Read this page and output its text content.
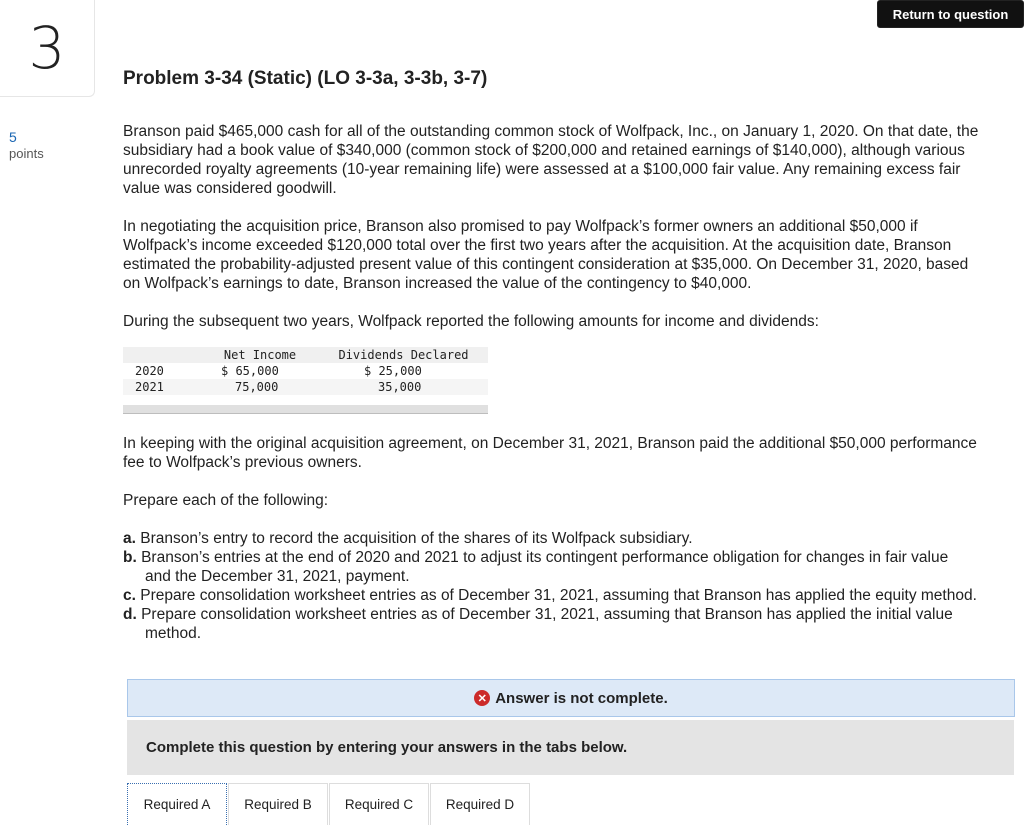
3
5
points
Return to question
Problem 3-34 (Static) (LO 3-3a, 3-3b, 3-7)

Branson paid $465,000 cash for all of the outstanding common stock of Wolfpack, Inc., on January 1, 2020. On that date, the

subsidiary had a book value of $340,000 (common stock of $200,000 and retained earnings of $140,000), although various

unrecorded royalty agreements (10-year remaining life) were assessed at a $100,000 fair value. Any remaining excess fair

value was considered goodwill.

In negotiating the acquisition price, Branson also promised to pay Wolfpack’s former owners an additional $50,000 if

Wolfpack’s income exceeded $120,000 total over the first two years after the acquisition. At the acquisition date, Branson

estimated the probability-adjusted present value of this contingent consideration at $35,000. On December 31, 2020, based

on Wolfpack’s earnings to date, Branson increased the value of the contingency to $40,000.

During the subsequent two years, Wolfpack reported the following amounts for income and dividends:

	Net Income	Dividends Declared
2020	$ 65,000	$ 25,000
2021	75,000	35,000

In keeping with the original acquisition agreement, on December 31, 2021, Branson paid the additional $50,000 performance

fee to Wolfpack’s previous owners.

Prepare each of the following:

a. Branson’s entry to record the acquisition of the shares of its Wolfpack subsidiary.
b. Branson’s entries at the end of 2020 and 2021 to adjust its contingent performance obligation for changes in fair value
and the December 31, 2021, payment.
c. Prepare consolidation worksheet entries as of December 31, 2021, assuming that Branson has applied the equity method.
d. Prepare consolidation worksheet entries as of December 31, 2021, assuming that Branson has applied the initial value
method.
✕ Answer is not complete.
Complete this question by entering your answers in the tabs below.
Required A	Required B	Required C	Required D
